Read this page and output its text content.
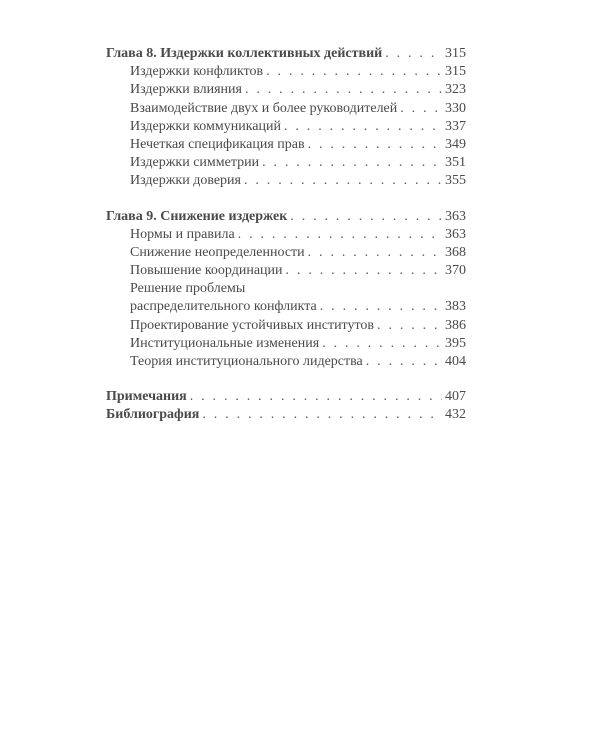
Глава 8. Издержки коллективных действий . . .	315
Издержки конфликтов . . .	315
Издержки влияния . . .	323
Взаимодействие двух и более руководителей . . .	330
Издержки коммуникаций . . .	337
Нечеткая спецификация прав . . .	349
Издержки симметрии . . .	351
Издержки доверия . . .	355
Глава 9. Снижение издержек . . .	363
Нормы и правила . . .	363
Снижение неопределенности . . .	368
Повышение координации . . .	370
Решение проблемы
распределительного конфликта . . .	383
Проектирование устойчивых институтов . . .	386
Институциональные изменения . . .	395
Теория институционального лидерства . . .	404
Примечания . . .	407
Библиография . . .	432
